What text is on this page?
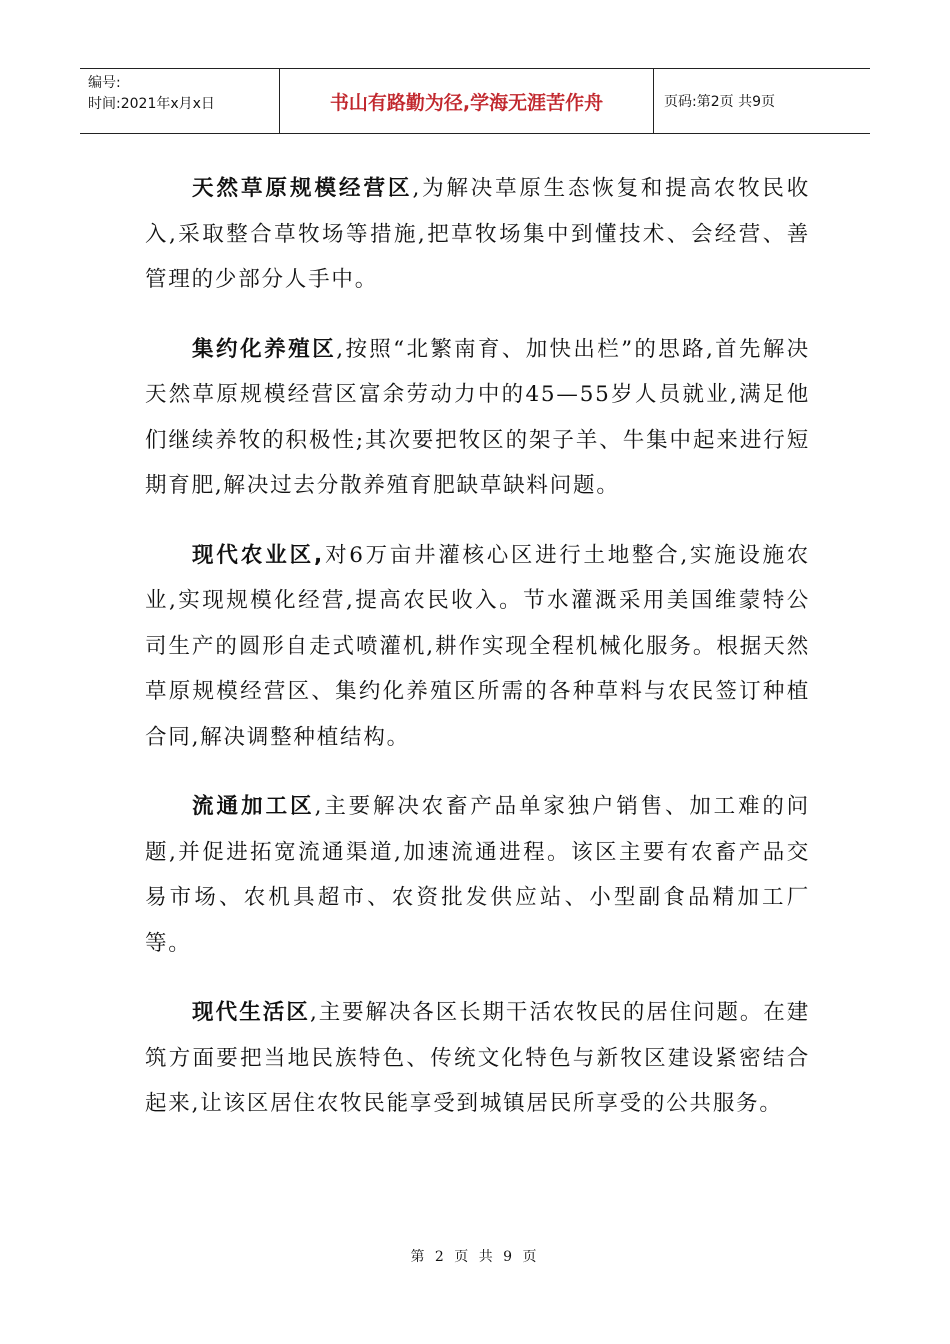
编号:
时间:2021年x月x日	书山有路勤为径,学海无涯苦作舟	页码:第2页 共9页

天然草原规模经营区,为解决草原生态恢复和提高农牧民收入,采取整合草牧场等措施,把草牧场集中到懂技术、会经营、善管理的少部分人手中。

集约化养殖区,按照“北繁南育、加快出栏”的思路,首先解决天然草原规模经营区富余劳动力中的45—55岁人员就业,满足他们继续养牧的积极性;其次要把牧区的架子羊、牛集中起来进行短期育肥,解决过去分散养殖育肥缺草缺料问题。

现代农业区,对6万亩井灌核心区进行土地整合,实施设施农业,实现规模化经营,提高农民收入。节水灌溉采用美国维蒙特公司生产的圆形自走式喷灌机,耕作实现全程机械化服务。根据天然草原规模经营区、集约化养殖区所需的各种草料与农民签订种植合同,解决调整种植结构。

流通加工区,主要解决农畜产品单家独户销售、加工难的问题,并促进拓宽流通渠道,加速流通进程。该区主要有农畜产品交易市场、农机具超市、农资批发供应站、小型副食品精加工厂等。

现代生活区,主要解决各区长期干活农牧民的居住问题。在建筑方面要把当地民族特色、传统文化特色与新牧区建设紧密结合起来,让该区居住农牧民能享受到城镇居民所享受的公共服务。

第 2 页 共 9 页
